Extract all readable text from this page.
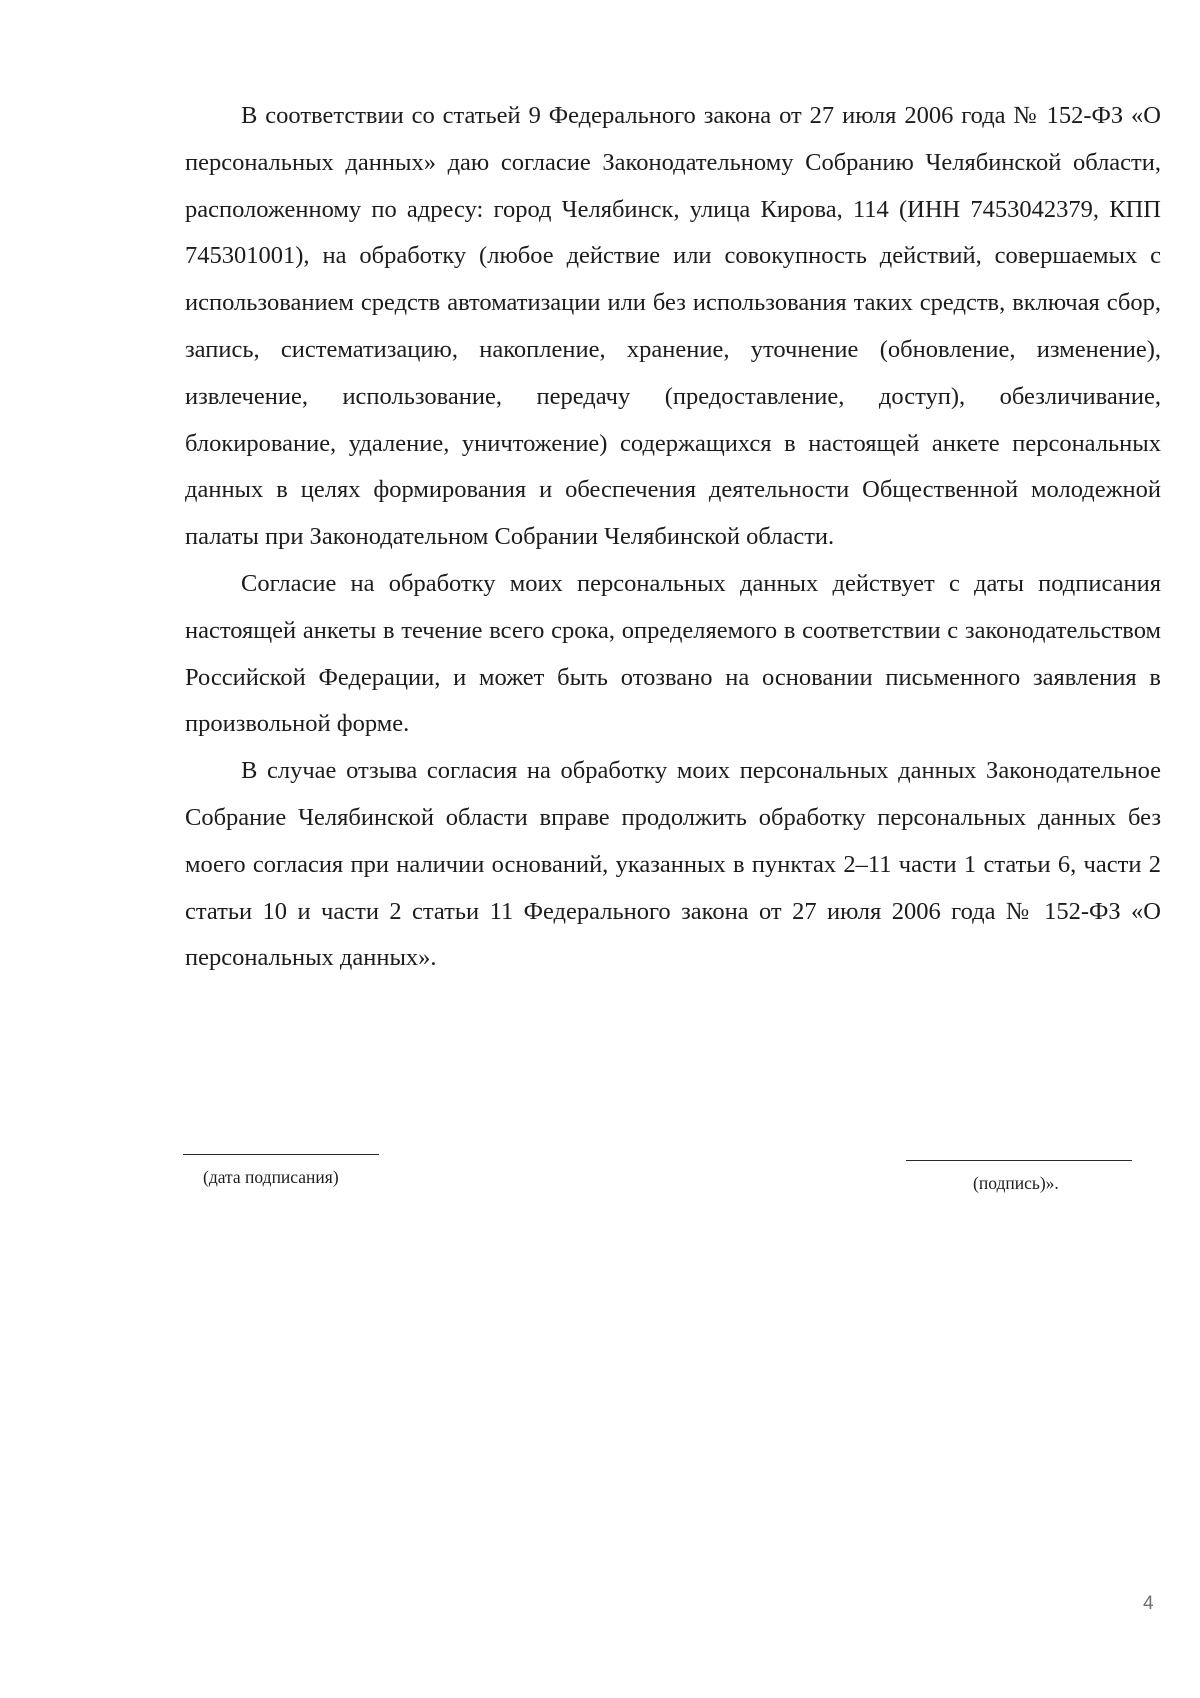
В соответствии со статьей 9 Федерального закона от 27 июля 2006 года № 152-ФЗ «О персональных данных» даю согласие Законодательному Собранию Челябинской области, расположенному по адресу: город Челябинск, улица Кирова, 114 (ИНН 7453042379, КПП 745301001), на обработку (любое действие или совокупность действий, совершаемых с использованием средств автоматизации или без использования таких средств, включая сбор, запись, систематизацию, накопление, хранение, уточнение (обновление, изменение), извлечение, использование, передачу (предоставление, доступ), обезличивание, блокирование, удаление, уничтожение) содержащихся в настоящей анкете персональных данных в целях формирования и обеспечения деятельности Общественной молодежной палаты при Законодательном Собрании Челябинской области.

Согласие на обработку моих персональных данных действует с даты подписания настоящей анкеты в течение всего срока, определяемого в соответствии с законодательством Российской Федерации, и может быть отозвано на основании письменного заявления в произвольной форме.

В случае отзыва согласия на обработку моих персональных данных Законодательное Собрание Челябинской области вправе продолжить обработку персональных данных без моего согласия при наличии оснований, указанных в пунктах 2–11 части 1 статьи 6, части 2 статьи 10 и части 2 статьи 11 Федерального закона от 27 июля 2006 года № 152-ФЗ «О персональных данных».

(дата подписания)	(подпись)».
4
